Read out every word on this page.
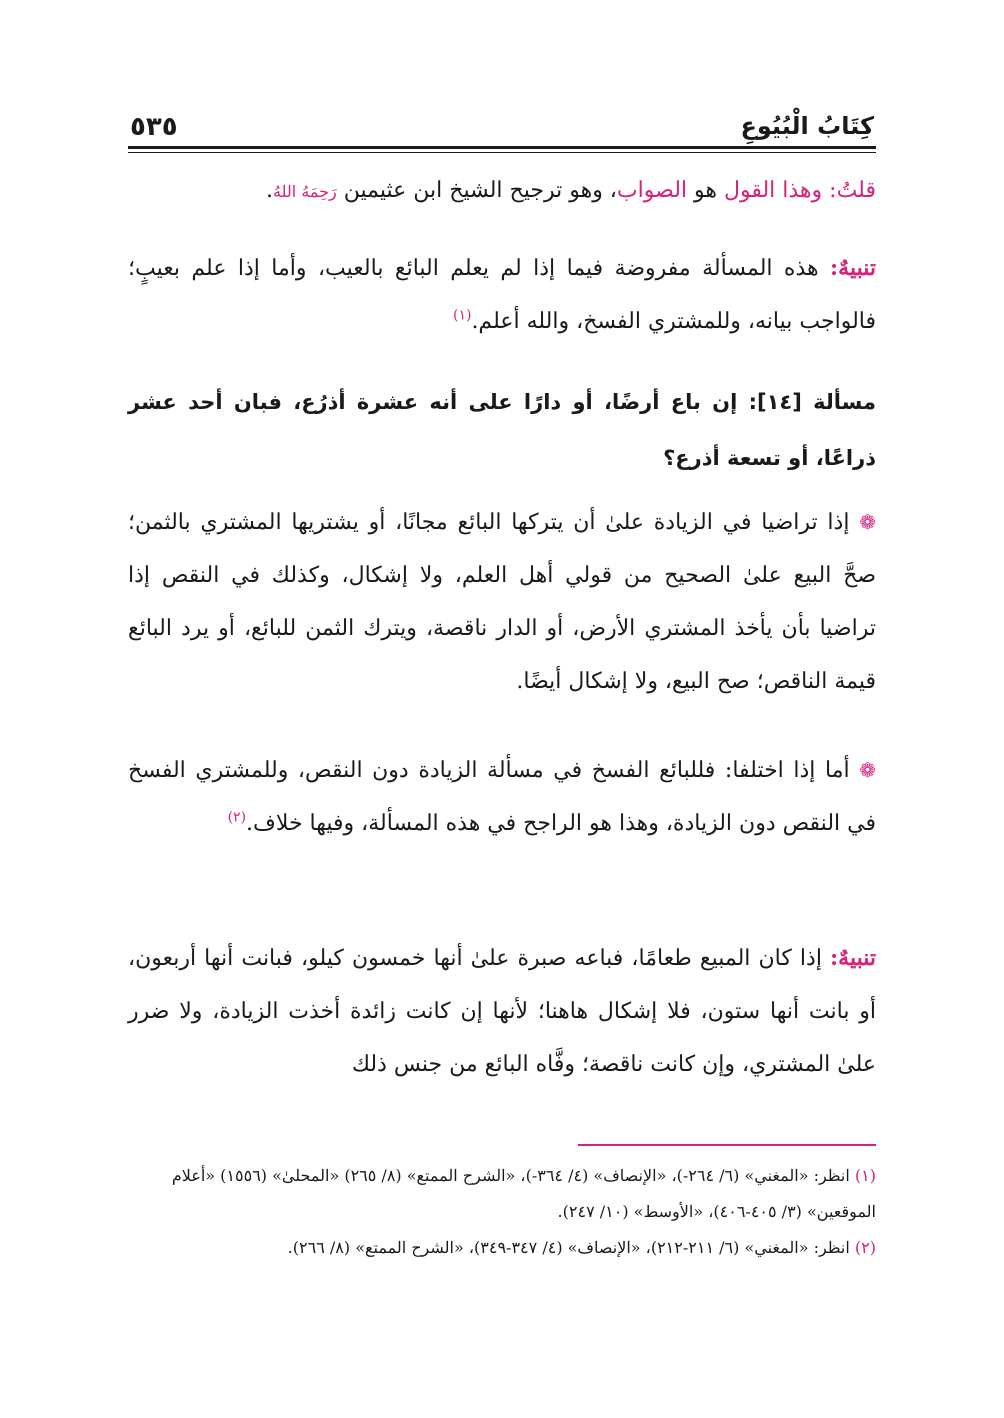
٥٣٥	كِتَابُ الْبُيُوعِ
قلتُ: وهذا القول هو الصواب، وهو ترجيح الشيخ ابن عثيمين رَحِمَهُ اللهُ.
تنبيهٌ: هذه المسألة مفروضة فيما إذا لم يعلم البائع بالعيب، وأما إذا علم بعيبٍ؛ فالواجب بيانه، وللمشتري الفسخ، والله أعلم.$^{(١)}$
مسألة [١٤]: إن باع أرضًا، أو دارًا على أنه عشرة أذرُع، فبان أحد عشر ذراعًا، أو تسعة أذرع؟
❁ إذا تراضيا في الزيادة علىٰ أن يتركها البائع مجانًا، أو يشتريها المشتري بالثمن؛ صحَّ البيع علىٰ الصحيح من قولي أهل العلم، ولا إشكال، وكذلك في النقص إذا تراضيا بأن يأخذ المشتري الأرض، أو الدار ناقصة، ويترك الثمن للبائع، أو يرد البائع قيمة الناقص؛ صح البيع، ولا إشكال أيضًا.
❁ أما إذا اختلفا: فللبائع الفسخ في مسألة الزيادة دون النقص، وللمشتري الفسخ في النقص دون الزيادة، وهذا هو الراجح في هذه المسألة، وفيها خلاف.$^{(٢)}$
تنبيهٌ: إذا كان المبيع طعامًا، فباعه صبرة علىٰ أنها خمسون كيلو، فبانت أنها أربعون، أو بانت أنها ستون، فلا إشكال هاهنا؛ لأنها إن كانت زائدة أخذت الزيادة، ولا ضرر علىٰ المشتري، وإن كانت ناقصة؛ وفَّاه البائع من جنس ذلك
(١) انظر: «المغني» (٦/ ٢٦٤-)، «الإنصاف» (٤/ ٣٦٤-)، «الشرح الممتع» (٨/ ٢٦٥) «المحلىٰ» (١٥٥٦) «أعلام الموقعين» (٣/ ٤٠٥-٤٠٦)، «الأوسط» (١٠/ ٢٤٧).
(٢) انظر: «المغني» (٦/ ٢١١-٢١٢)، «الإنصاف» (٤/ ٣٤٧-٣٤٩)، «الشرح الممتع» (٨/ ٢٦٦).
